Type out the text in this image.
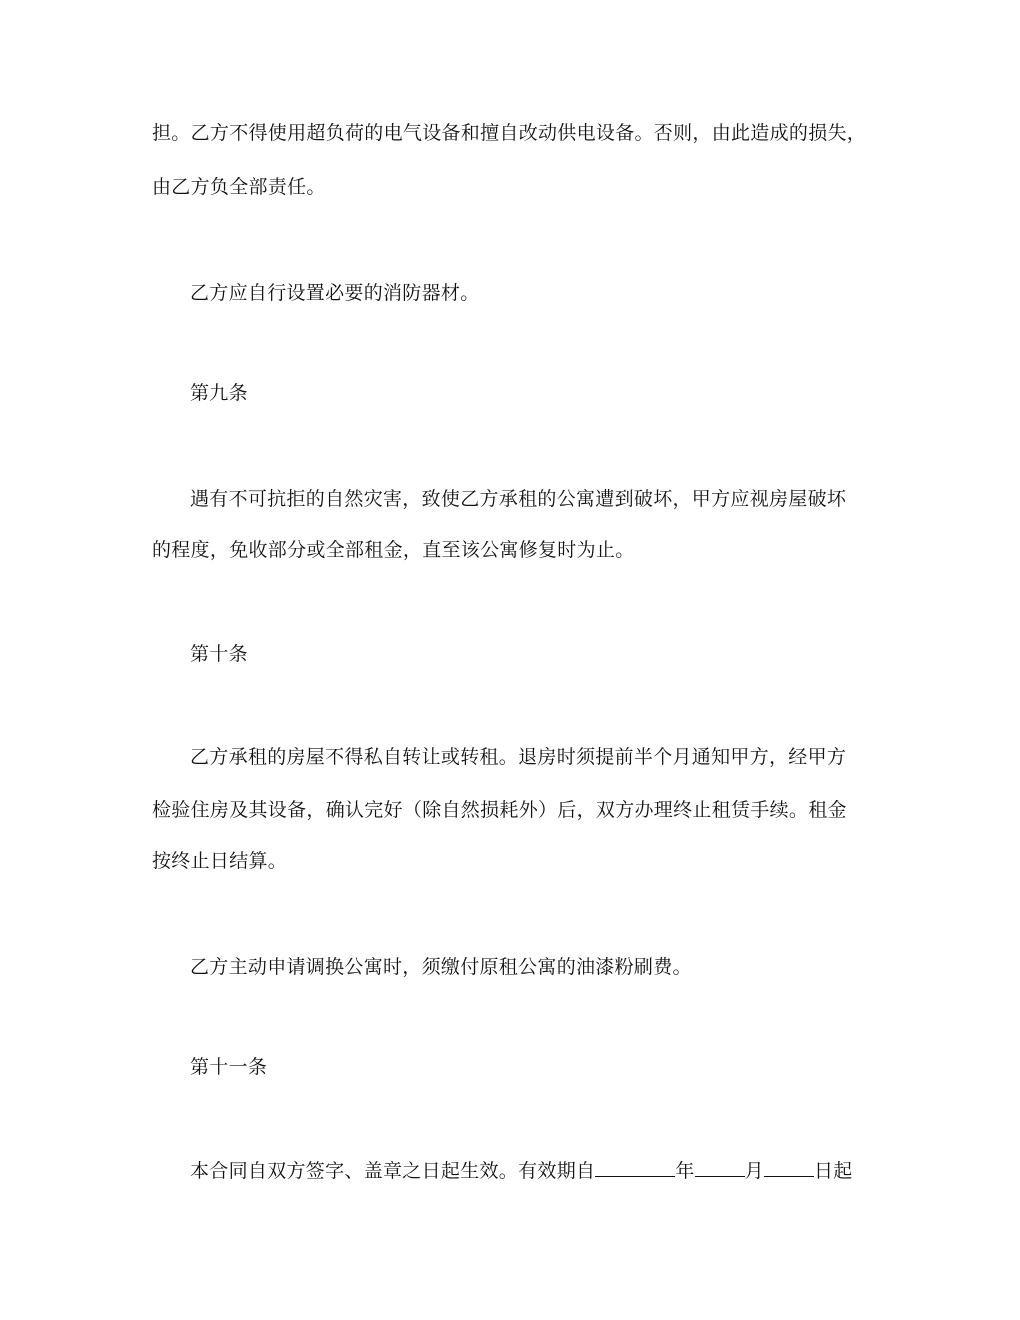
担。乙方不得使用超负荷的电气设备和擅自改动供电设备。否则，由此造成的损失，
由乙方负全部责任。
乙方应自行设置必要的消防器材。
第九条
遇有不可抗拒的自然灾害，致使乙方承租的公寓遭到破坏，甲方应视房屋破坏
的程度，免收部分或全部租金，直至该公寓修复时为止。
第十条
乙方承租的房屋不得私自转让或转租。退房时须提前半个月通知甲方，经甲方
检验住房及其设备，确认完好（除自然损耗外）后，双方办理终止租赁手续。租金
按终止日结算。
乙方主动申请调换公寓时，须缴付原租公寓的油漆粉刷费。
第十一条
本合同自双方签字、盖章之日起生效。有效期自	年	月	日起
